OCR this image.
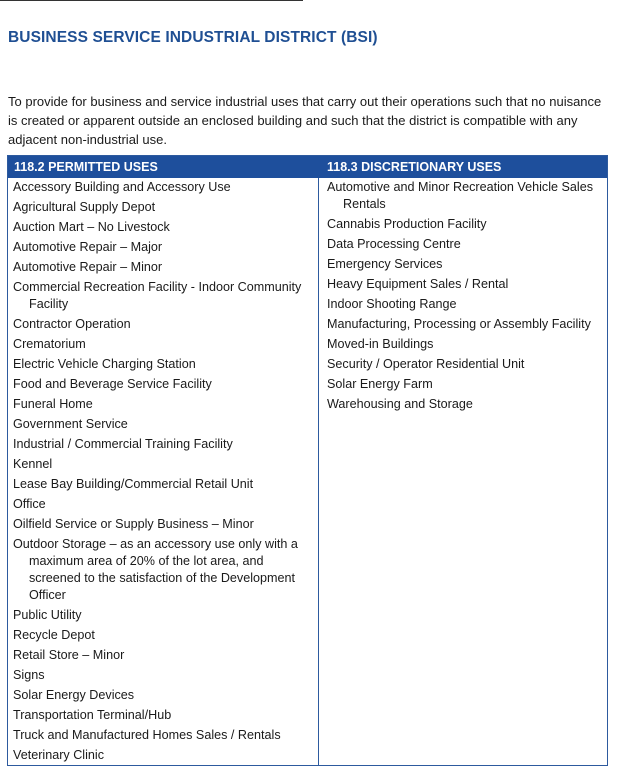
BUSINESS SERVICE INDUSTRIAL DISTRICT (BSI)
To provide for business and service industrial uses that carry out their operations such that no nuisance is created or apparent outside an enclosed building and such that the district is compatible with any adjacent non-industrial use.
118.2 PERMITTED USES	118.3 DISCRETIONARY USES
Accessory Building and Accessory Use
Agricultural Supply Depot
Auction Mart – No Livestock
Automotive Repair – Major
Automotive Repair – Minor
Commercial Recreation Facility - Indoor Community Facility
Contractor Operation
Crematorium
Electric Vehicle Charging Station
Food and Beverage Service Facility
Funeral Home
Government Service
Industrial / Commercial Training Facility
Kennel
Lease Bay Building/Commercial Retail Unit
Office
Oilfield Service or Supply Business – Minor
Outdoor Storage – as an accessory use only with a maximum area of 20% of the lot area, and screened to the satisfaction of the Development Officer
Public Utility
Recycle Depot
Retail Store – Minor
Signs
Solar Energy Devices
Transportation Terminal/Hub
Truck and Manufactured Homes Sales / Rentals
Veterinary Clinic
Automotive and Minor Recreation Vehicle Sales Rentals
Cannabis Production Facility
Data Processing Centre
Emergency Services
Heavy Equipment Sales / Rental
Indoor Shooting Range
Manufacturing, Processing or Assembly Facility
Moved-in Buildings
Security / Operator Residential Unit
Solar Energy Farm
Warehousing and Storage
